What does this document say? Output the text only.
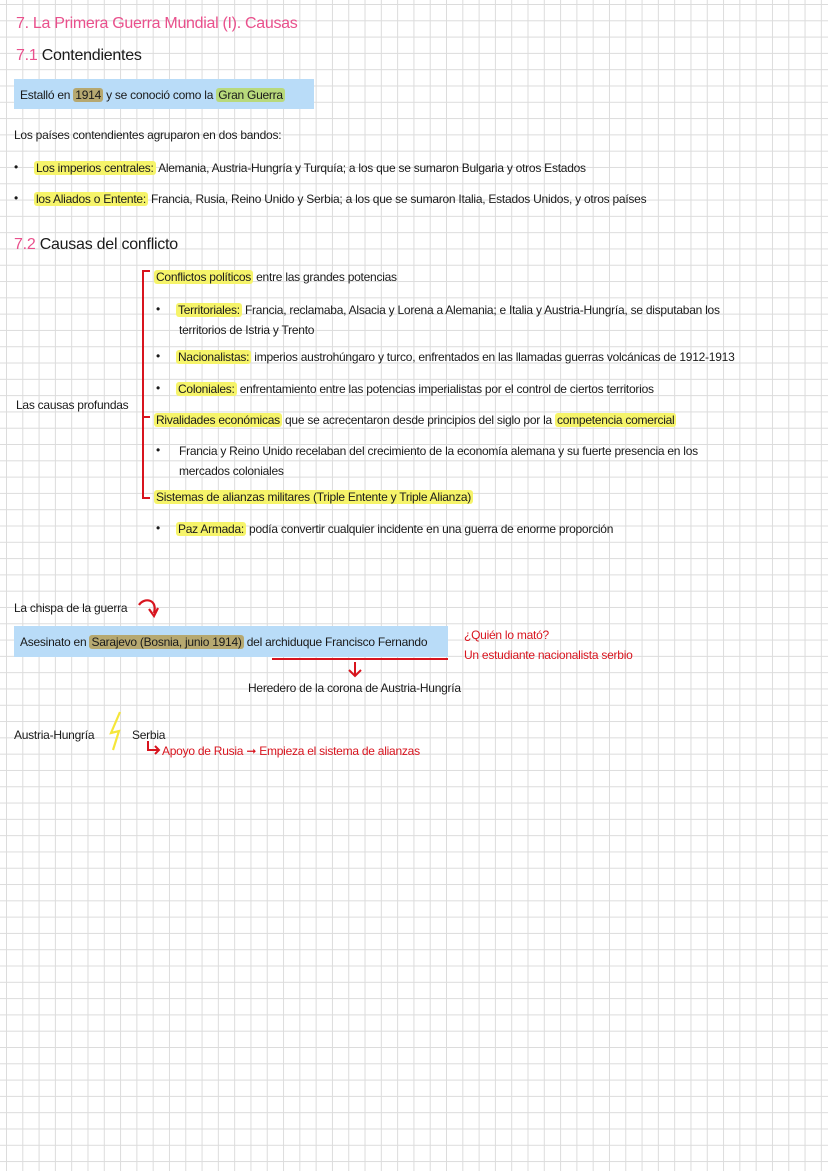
7. La Primera Guerra Mundial (I). Causas
7.1 Contendientes
Estalló en 1914 y se conoció como la Gran Guerra
Los países contendientes agruparon en dos bandos:
• Los imperios centrales: Alemania, Austria-Hungría y Turquía; a los que se sumaron Bulgaria y otros Estados
• los Aliados o Entente: Francia, Rusia, Reino Unido y Serbia; a los que se sumaron Italia, Estados Unidos, y otros países
7.2 Causas del conflicto
Las causas profundas
Conflictos políticos entre las grandes potencias
• Territoriales: Francia, reclamaba, Alsacia y Lorena a Alemania; e Italia y Austria-Hungría, se disputaban los
territorios de Istria y Trento
• Nacionalistas: imperios austrohúngaro y turco, enfrentados en las llamadas guerras volcánicas de 1912-1913
• Coloniales: enfrentamiento entre las potencias imperialistas por el control de ciertos territorios
Rivalidades económicas que se acrecentaron desde principios del siglo por la competencia comercial
• Francia y Reino Unido recelaban del crecimiento de la economía alemana y su fuerte presencia en los
mercados coloniales
Sistemas de alianzas militares (Triple Entente y Triple Alianza)
• Paz Armada: podía convertir cualquier incidente en una guerra de enorme proporción
La chispa de la guerra
Asesinato en Sarajevo (Bosnia, junio 1914) del archiduque Francisco Fernando	¿Quién lo mató?
Un estudiante nacionalista serbio
Heredero de la corona de Austria-Hungría
Austria-Hungría	Serbia
Apoyo de Rusia ➞ Empieza el sistema de alianzas
